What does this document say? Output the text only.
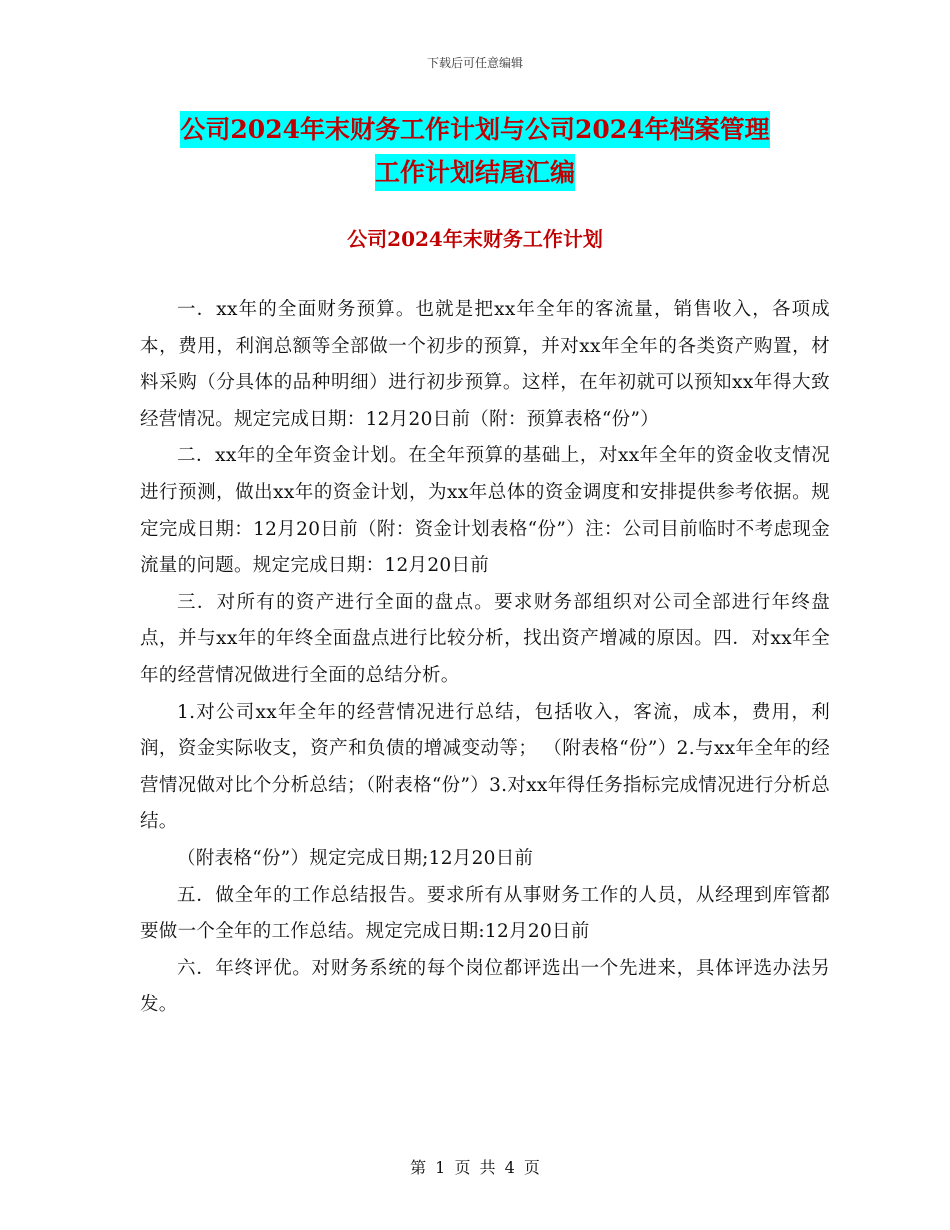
下载后可任意编辑
公司2024年末财务工作计划与公司2024年档案管理
工作计划结尾汇编
公司2024年末财务工作计划

一．xx年的全面财务预算。也就是把xx年全年的客流量，销售收入，各项成本，费用，利润总额等全部做一个初步的预算，并对xx年全年的各类资产购置，材料采购（分具体的品种明细）进行初步预算。这样，在年初就可以预知xx年得大致经营情况。规定完成日期：12月20日前（附：预算表格“份”）

二．xx年的全年资金计划。在全年预算的基础上，对xx年全年的资金收支情况进行预测，做出xx年的资金计划，为xx年总体的资金调度和安排提供参考依据。规定完成日期：12月20日前（附：资金计划表格“份”）注：公司目前临时不考虑现金流量的问题。规定完成日期：12月20日前

三．对所有的资产进行全面的盘点。要求财务部组织对公司全部进行年终盘点，并与xx年的年终全面盘点进行比较分析，找出资产增减的原因。四．对xx年全年的经营情况做进行全面的总结分析。

1.对公司xx年全年的经营情况进行总结，包括收入，客流，成本，费用，利润，资金实际收支，资产和负债的增减变动等； （附表格“份”）2.与xx年全年的经营情况做对比个分析总结；（附表格“份”）3.对xx年得任务指标完成情况进行分析总结。

（附表格“份”）规定完成日期;12月20日前

五．做全年的工作总结报告。要求所有从事财务工作的人员，从经理到库管都要做一个全年的工作总结。规定完成日期:12月20日前

六．年终评优。对财务系统的每个岗位都评选出一个先进来，具体评选办法另发。

第 1 页 共 4 页
